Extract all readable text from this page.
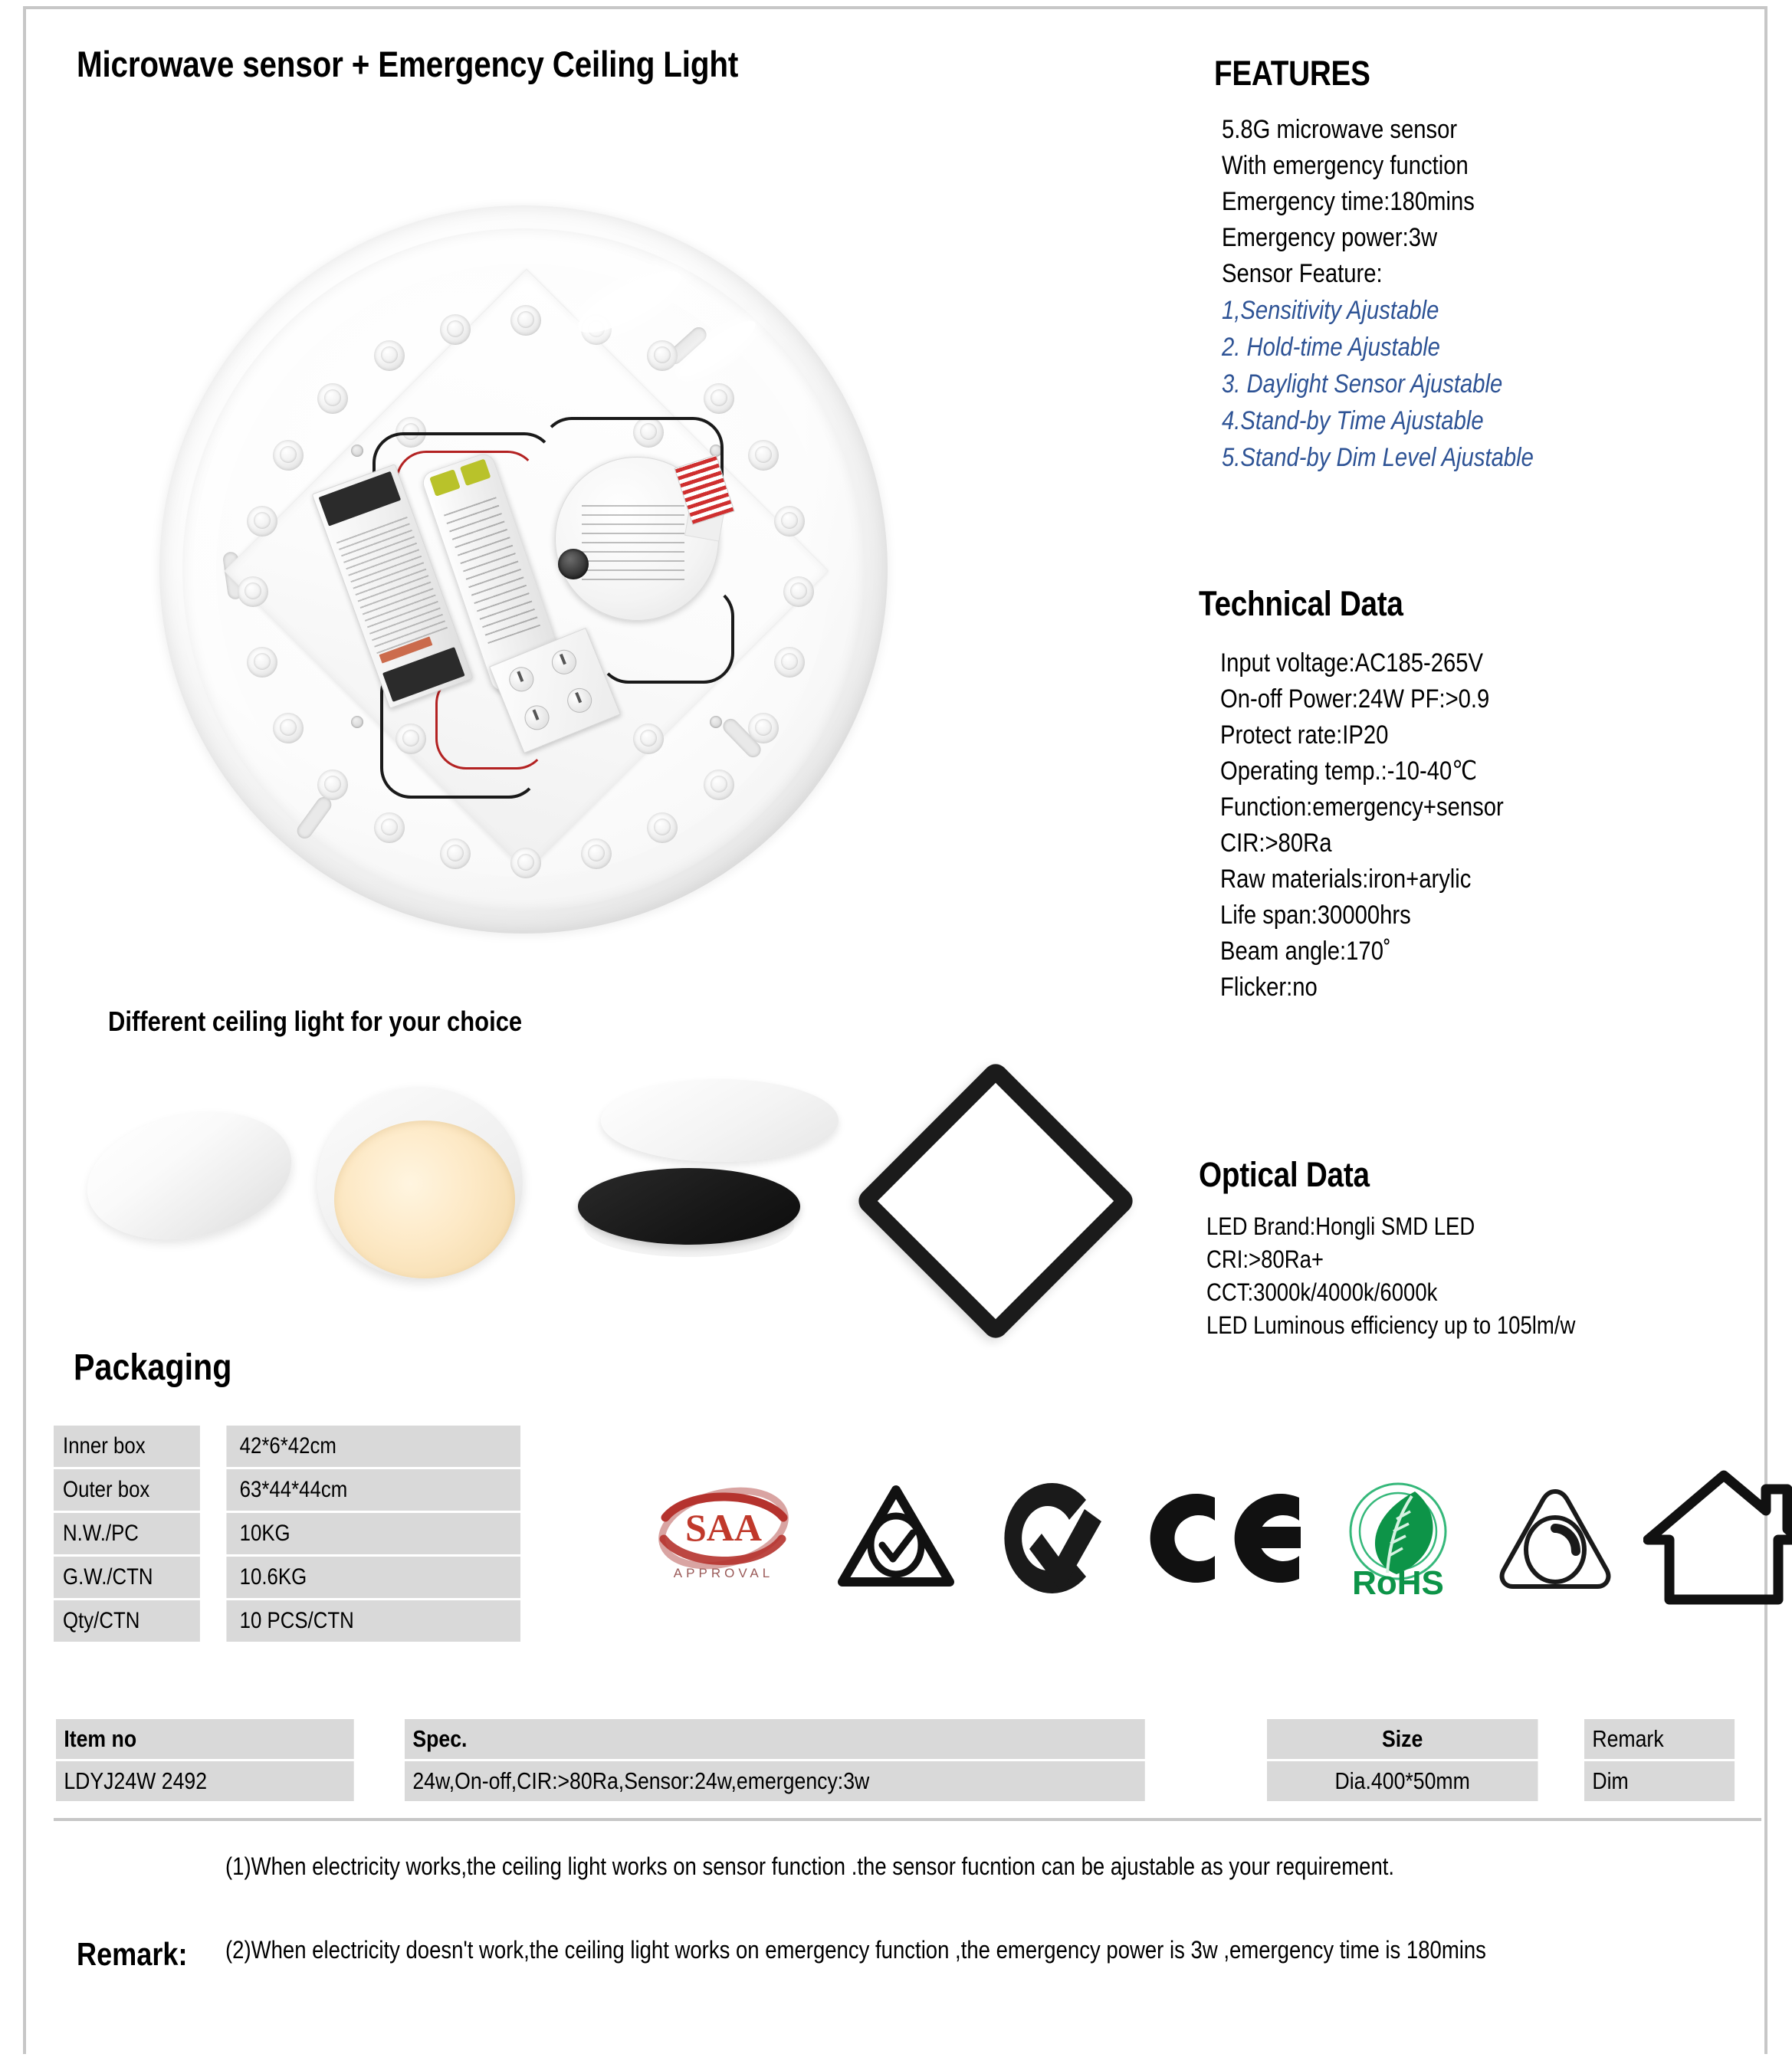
Microwave sensor + Emergency Ceiling Light	FEATURES
5.8G microwave sensor
With emergency function
Emergency time:180mins
Emergency power:3w
Sensor Feature:
1,Sensitivity Ajustable
2. Hold-time Ajustable
3. Daylight Sensor Ajustable
4.Stand-by Time Ajustable
5.Stand-by Dim Level Ajustable
Technical Data
Input voltage:AC185-265V
On-off Power:24W PF:>0.9
Protect rate:IP20
Operating temp.:-10-40℃
Function:emergency+sensor
CIR:>80Ra
Raw materials:iron+arylic
Life span:30000hrs
Beam angle:170˚
Flicker:no
Different ceiling light for your choice
Optical Data
LED Brand:Hongli SMD LED
CRI:>80Ra+
CCT:3000k/4000k/6000k
LED Luminous efficiency up to 105lm/w
Packaging
Inner box	42*6*42cm
Outer box	63*44*44cm
N.W./PC	10KG
G.W./CTN	10.6KG
Qty/CTN	10 PCS/CTN
SAA
APPROVAL	RoHS
Item no	Spec.	Size	Remark
LDYJ24W 2492	24w,On-off,CIR:>80Ra,Sensor:24w,emergency:3w	Dia.400*50mm	Dim
Remark:

(1)When electricity works,the ceiling light works on sensor function .the sensor fucntion can be ajustable as your requirement.

(2)When electricity doesn't work,the ceiling light works on emergency function ,the emergency power is 3w ,emergency time is 180mins
